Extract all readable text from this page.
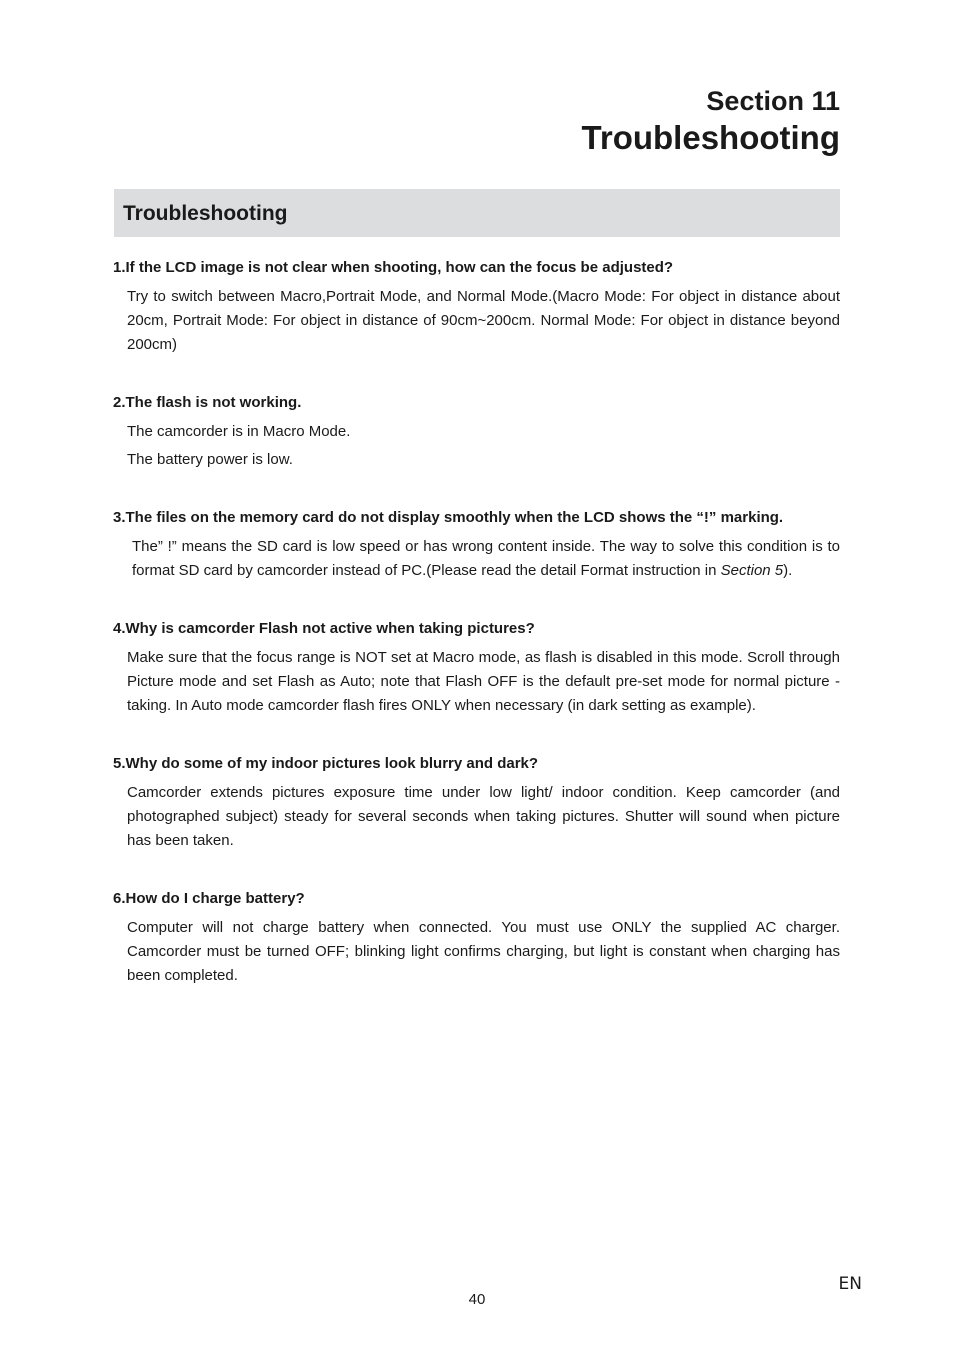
Section 11

Troubleshooting

Troubleshooting

1.If the LCD image is not clear when shooting, how can the focus be adjusted?

Try to switch between Macro,Portrait Mode, and Normal Mode.(Macro Mode: For object in distance about 20cm, Portrait Mode: For object in distance of 90cm~200cm. Normal Mode: For object in distance beyond 200cm)

2.The flash is not working.

The camcorder is in Macro Mode.

The battery power is low.

3.The files on the memory card do not display smoothly when the LCD shows the “!” marking.

The” !” means the SD card is low speed or has wrong content inside. The way to solve this condition is to format SD card by camcorder instead of PC.(Please read the detail Format instruction in Section 5).

4.Why is camcorder Flash not active when taking pictures?

Make sure that the focus range is NOT set at Macro mode, as flash is disabled in this mode. Scroll through Picture mode and set Flash as Auto; note that Flash OFF is the default pre-set mode for normal picture -taking. In Auto mode camcorder flash fires ONLY when necessary (in dark setting as example).

5.Why do some of my indoor pictures look blurry and dark?

Camcorder extends pictures exposure time under low light/ indoor condition. Keep camcorder (and photographed subject) steady for several seconds when taking pictures. Shutter will sound when picture has been taken.

6.How do I charge battery?

Computer will not charge battery when connected. You must use ONLY the supplied AC charger. Camcorder must be turned OFF; blinking light confirms charging, but light is constant when charging has been completed.

40
EN
